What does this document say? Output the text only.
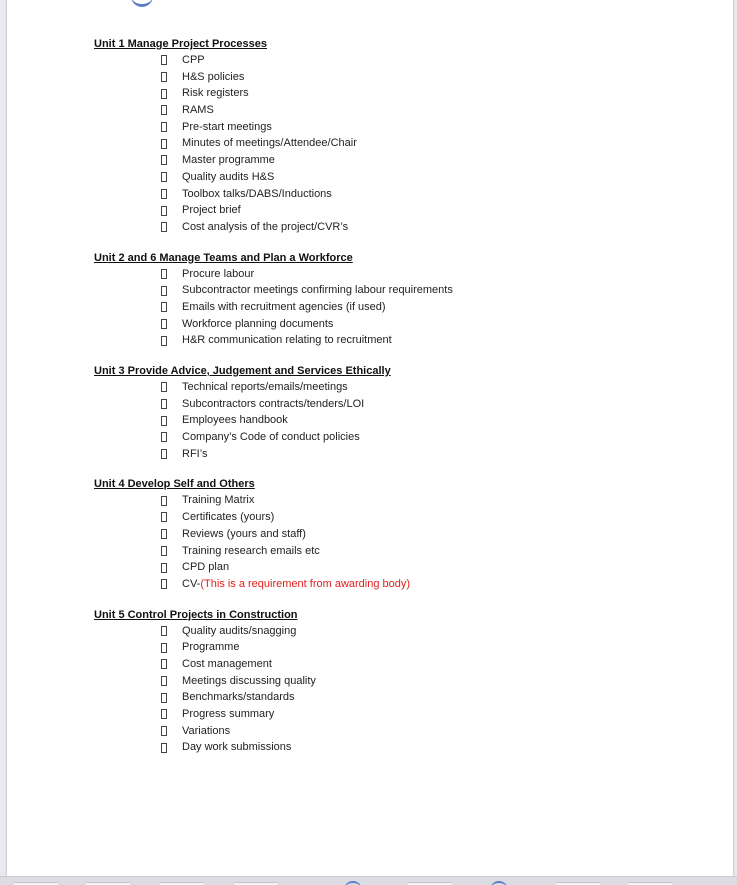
Unit 1 Manage Project Processes
CPP
H&S policies
Risk registers
RAMS
Pre-start meetings
Minutes of meetings/Attendee/Chair
Master programme
Quality audits H&S
Toolbox talks/DABS/Inductions
Project brief
Cost analysis of the project/CVR’s
Unit 2 and 6 Manage Teams and Plan a Workforce
Procure labour
Subcontractor meetings confirming labour requirements
Emails with recruitment agencies (if used)
Workforce planning documents
H&R communication relating to recruitment
Unit 3 Provide Advice, Judgement and Services Ethically
Technical reports/emails/meetings
Subcontractors contracts/tenders/LOI
Employees handbook
Company’s Code of conduct policies
RFI’s
Unit 4 Develop Self and Others
Training Matrix
Certificates (yours)
Reviews (yours and staff)
Training research emails etc
CPD plan
CV- (This is a requirement from awarding body)
Unit 5 Control Projects in Construction
Quality audits/snagging
Programme
Cost management
Meetings discussing quality
Benchmarks/standards
Progress summary
Variations
Day work submissions
